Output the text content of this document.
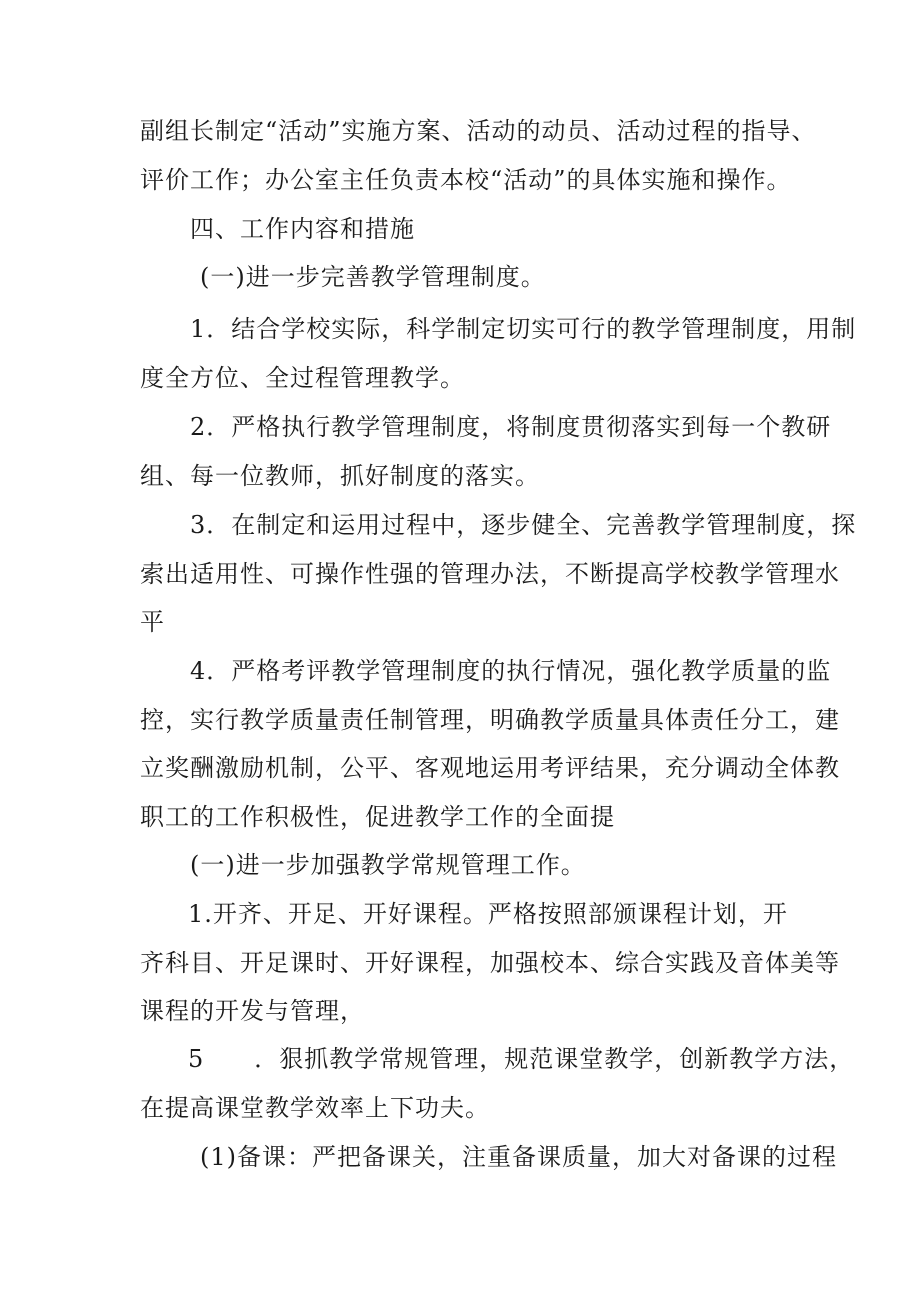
副组长制定“活动”实施方案、活动的动员、活动过程的指导、

评价工作；办公室主任负责本校“活动”的具体实施和操作。

四、工作内容和措施

(一)进一步完善教学管理制度。

1．结合学校实际，科学制定切实可行的教学管理制度，用制

度全方位、全过程管理教学。

2．严格执行教学管理制度，将制度贯彻落实到每一个教研

组、每一位教师，抓好制度的落实。

3．在制定和运用过程中，逐步健全、完善教学管理制度，探

索出适用性、可操作性强的管理办法，不断提高学校教学管理水

平

4．严格考评教学管理制度的执行情况，强化教学质量的监

控，实行教学质量责任制管理，明确教学质量具体责任分工，建

立奖酬激励机制，公平、客观地运用考评结果，充分调动全体教

职工的工作积极性，促进教学工作的全面提

(一)进一步加强教学常规管理工作。

1.开齐、开足、开好课程。严格按照部颁课程计划，开

齐科目、开足课时、开好课程，加强校本、综合实践及音体美等

课程的开发与管理，

5　　．狠抓教学常规管理，规范课堂教学，创新教学方法，

在提高课堂教学效率上下功夫。

(1)备课：严把备课关，注重备课质量，加大对备课的过程
